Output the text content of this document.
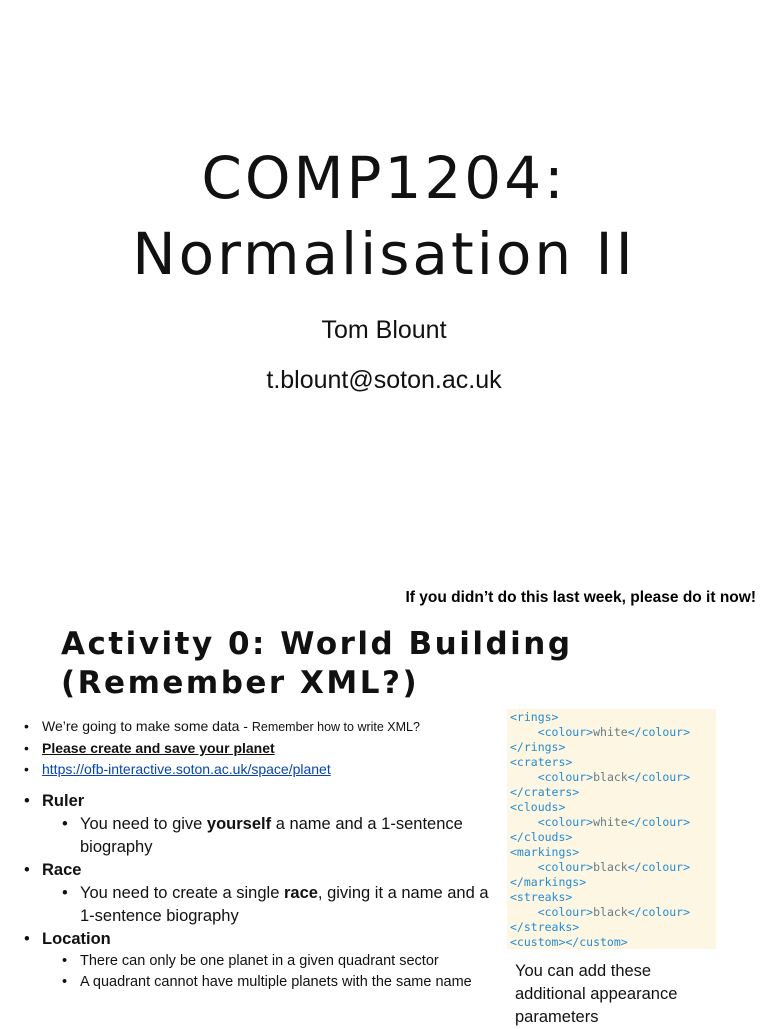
COMP1204:
Normalisation II
Tom Blount
t.blount@soton.ac.uk
If you didn’t do this last week, please do it now!
Activity 0: World Building
(Remember XML?)
• We’re going to make some data - Remember how to write XML?
• Please create and save your planet
• https://ofb-interactive.soton.ac.uk/space/planet
• Ruler
• You need to give yourself a name and a 1-sentence biography
• Race
• You need to create a single race, giving it a name and a 1-sentence biography
• Location
• There can only be one planet in a given quadrant sector
• A quadrant cannot have multiple planets with the same name
<rings>
<colour>white</colour>
</rings>
<craters>
<colour>black</colour>
</craters>
<clouds>
<colour>white</colour>
</clouds>
<markings>
<colour>black</colour>
</markings>
<streaks>
<colour>black</colour>
</streaks>
<custom></custom>
You can add these additional appearance parameters
